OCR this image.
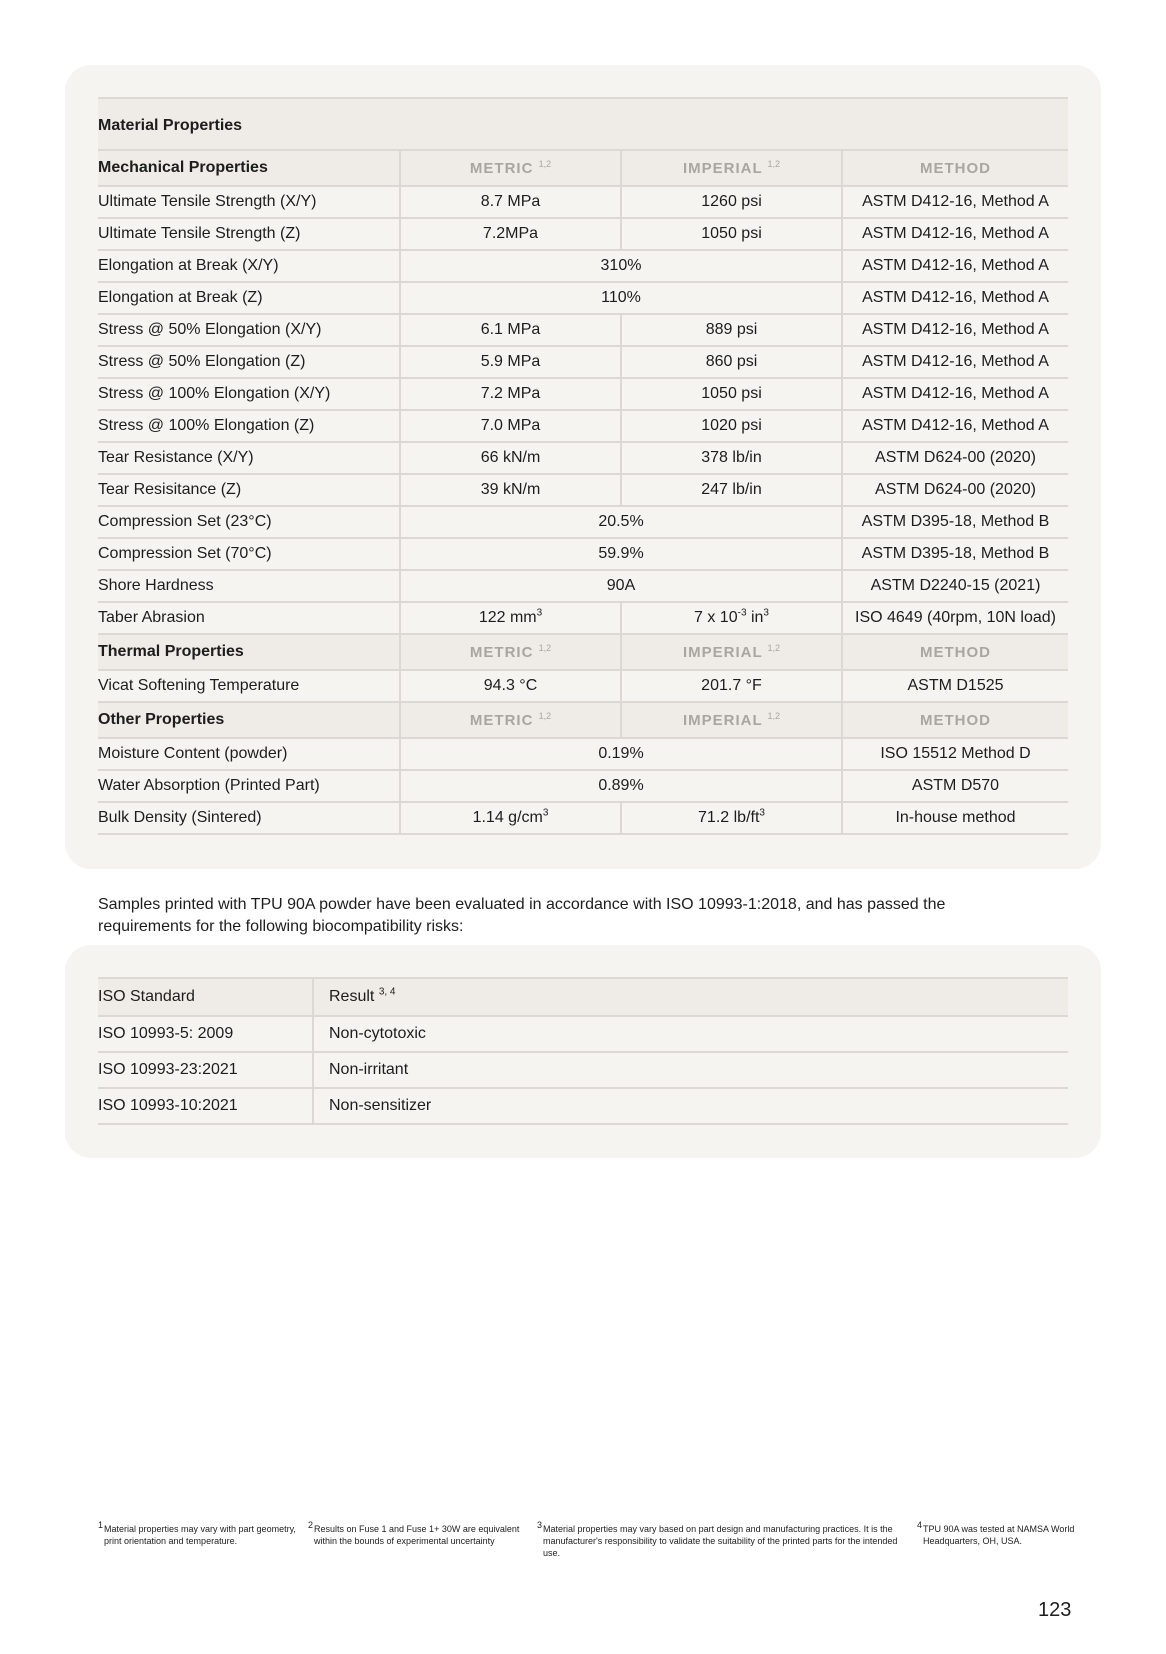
Material Properties			
Mechanical Properties	METRIC $^{1,2}$	IMPERIAL $^{1,2}$	METHOD
Ultimate Tensile Strength (X/Y)	8.7 MPa	1260 psi	ASTM D412-16, Method A
Ultimate Tensile Strength (Z)	7.2MPa	1050 psi	ASTM D412-16, Method A
Elongation at Break (X/Y)	310%		ASTM D412-16, Method A
Elongation at Break (Z)	110%		ASTM D412-16, Method A
Stress @ 50% Elongation (X/Y)	6.1 MPa	889 psi	ASTM D412-16, Method A
Stress @ 50% Elongation (Z)	5.9 MPa	860 psi	ASTM D412-16, Method A
Stress @ 100% Elongation (X/Y)	7.2 MPa	1050 psi	ASTM D412-16, Method A
Stress @ 100% Elongation (Z)	7.0 MPa	1020 psi	ASTM D412-16, Method A
Tear Resistance (X/Y)	66 kN/m	378 lb/in	ASTM D624-00 (2020)
Tear Resisitance (Z)	39 kN/m	247 lb/in	ASTM D624-00 (2020)
Compression Set (23°C)	20.5%		ASTM D395-18, Method B
Compression Set (70°C)	59.9%		ASTM D395-18, Method B
Shore Hardness	90A		ASTM D2240-15 (2021)
Taber Abrasion	122 $mm^3$	7 x $10^{-3}$ $in^3$	ISO 4649 (40rpm, 10N load)
Thermal Properties	METRIC $^{1,2}$	IMPERIAL $^{1,2}$	METHOD
Vicat Softening Temperature	94.3 °C	201.7 °F	ASTM D1525
Other Properties	METRIC $^{1,2}$	IMPERIAL $^{1,2}$	METHOD
Moisture Content (powder)	0.19%		ISO 15512 Method D
Water Absorption (Printed Part)	0.89%		ASTM D570
Bulk Density (Sintered)	1.14 $g/cm^3$	71.2 $lb/ft^3$	In-house method

Samples printed with TPU 90A powder have been evaluated in accordance with ISO 10993-1:2018, and has passed the requirements for the following biocompatibility risks:

ISO Standard	Result $^{3, 4}$
ISO 10993-5: 2009	Non-cytotoxic
ISO 10993-23:2021	Non-irritant
ISO 10993-10:2021	Non-sensitizer
1 Material properties may vary with part geometry, print orientation and temperature.
2 Results on Fuse 1 and Fuse 1+ 30W are equivalent within the bounds of experimental uncertainty
3 Material properties may vary based on part design and manufacturing practices. It is the manufacturer's responsibility to validate the suitability of the printed parts for the intended use.
4 TPU 90A was tested at NAMSA World Headquarters, OH, USA.
123
